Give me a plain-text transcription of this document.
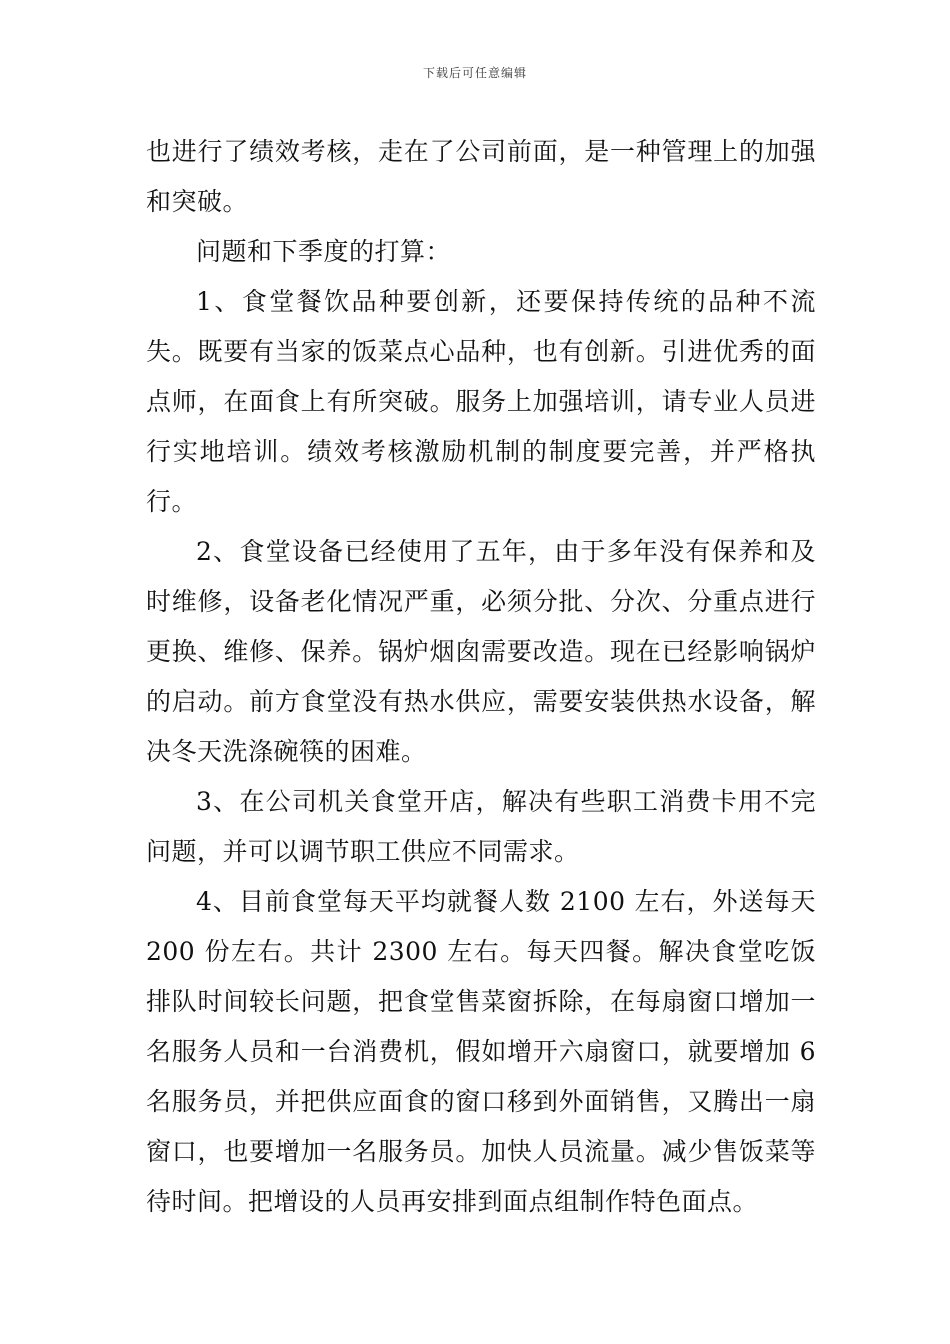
下载后可任意编辑

也进行了绩效考核，走在了公司前面，是一种管理上的加强和突破。

问题和下季度的打算：

1、食堂餐饮品种要创新，还要保持传统的品种不流失。既要有当家的饭菜点心品种，也有创新。引进优秀的面点师，在面食上有所突破。服务上加强培训，请专业人员进行实地培训。绩效考核激励机制的制度要完善，并严格执行。

2、食堂设备已经使用了五年，由于多年没有保养和及时维修，设备老化情况严重，必须分批、分次、分重点进行更换、维修、保养。锅炉烟囱需要改造。现在已经影响锅炉的启动。前方食堂没有热水供应，需要安装供热水设备，解决冬天洗涤碗筷的困难。

3、在公司机关食堂开店，解决有些职工消费卡用不完问题，并可以调节职工供应不同需求。

4、目前食堂每天平均就餐人数 2100 左右，外送每天 200 份左右。共计 2300 左右。每天四餐。解决食堂吃饭排队时间较长问题，把食堂售菜窗拆除，在每扇窗口增加一名服务人员和一台消费机，假如增开六扇窗口，就要增加 6 名服务员，并把供应面食的窗口移到外面销售，又腾出一扇窗口，也要增加一名服务员。加快人员流量。减少售饭菜等待时间。把增设的人员再安排到面点组制作特色面点。
